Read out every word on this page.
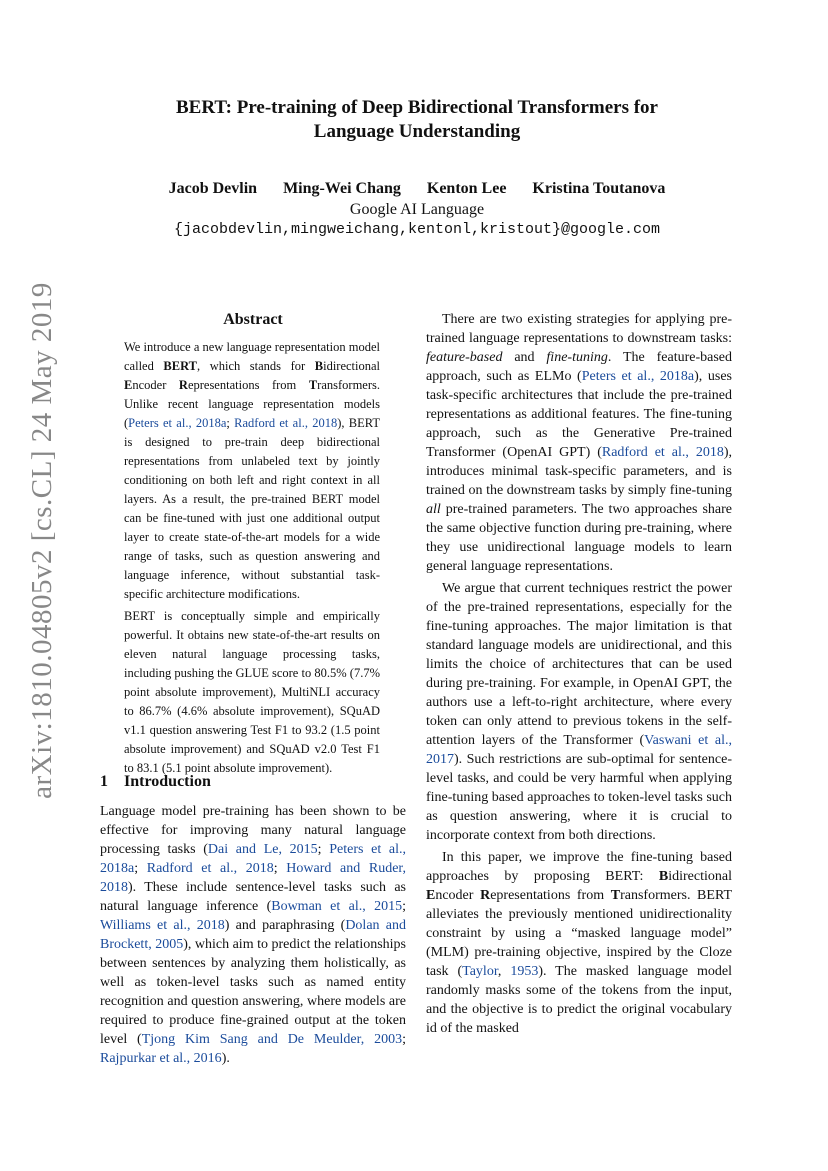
arXiv:1810.04805v2 [cs.CL] 24 May 2019
BERT: Pre-training of Deep Bidirectional Transformers for
Language Understanding
Jacob Devlin Ming-Wei Chang Kenton Lee Kristina Toutanova
Google AI Language
{jacobdevlin,mingweichang,kentonl,kristout}@google.com
Abstract

We introduce a new language representation model called BERT, which stands for Bidirectional Encoder Representations from Transformers. Unlike recent language representation models (Peters et al., 2018a; Radford et al., 2018), BERT is designed to pre-train deep bidirectional representations from unlabeled text by jointly conditioning on both left and right context in all layers. As a result, the pre-trained BERT model can be fine-tuned with just one additional output layer to create state-of-the-art models for a wide range of tasks, such as question answering and language inference, without substantial task-specific architecture modifications.

BERT is conceptually simple and empirically powerful. It obtains new state-of-the-art results on eleven natural language processing tasks, including pushing the GLUE score to 80.5% (7.7% point absolute improvement), MultiNLI accuracy to 86.7% (4.6% absolute improvement), SQuAD v1.1 question answering Test F1 to 93.2 (1.5 point absolute improvement) and SQuAD v2.0 Test F1 to 83.1 (5.1 point absolute improvement).

1 Introduction

Language model pre-training has been shown to be effective for improving many natural language processing tasks (Dai and Le, 2015; Peters et al., 2018a; Radford et al., 2018; Howard and Ruder, 2018). These include sentence-level tasks such as natural language inference (Bowman et al., 2015; Williams et al., 2018) and paraphrasing (Dolan and Brockett, 2005), which aim to predict the relationships between sentences by analyzing them holistically, as well as token-level tasks such as named entity recognition and question answering, where models are required to produce fine-grained output at the token level (Tjong Kim Sang and De Meulder, 2003; Rajpurkar et al., 2016).

There are two existing strategies for applying pre-trained language representations to downstream tasks: feature-based and fine-tuning. The feature-based approach, such as ELMo (Peters et al., 2018a), uses task-specific architectures that include the pre-trained representations as additional features. The fine-tuning approach, such as the Generative Pre-trained Transformer (OpenAI GPT) (Radford et al., 2018), introduces minimal task-specific parameters, and is trained on the downstream tasks by simply fine-tuning all pre-trained parameters. The two approaches share the same objective function during pre-training, where they use unidirectional language models to learn general language representations.

We argue that current techniques restrict the power of the pre-trained representations, especially for the fine-tuning approaches. The major limitation is that standard language models are unidirectional, and this limits the choice of architectures that can be used during pre-training. For example, in OpenAI GPT, the authors use a left-to-right architecture, where every token can only attend to previous tokens in the self-attention layers of the Transformer (Vaswani et al., 2017). Such restrictions are sub-optimal for sentence-level tasks, and could be very harmful when applying fine-tuning based approaches to token-level tasks such as question answering, where it is crucial to incorporate context from both directions.

In this paper, we improve the fine-tuning based approaches by proposing BERT: Bidirectional Encoder Representations from Transformers. BERT alleviates the previously mentioned unidirectionality constraint by using a “masked language model” (MLM) pre-training objective, inspired by the Cloze task (Taylor, 1953). The masked language model randomly masks some of the tokens from the input, and the objective is to predict the original vocabulary id of the masked
